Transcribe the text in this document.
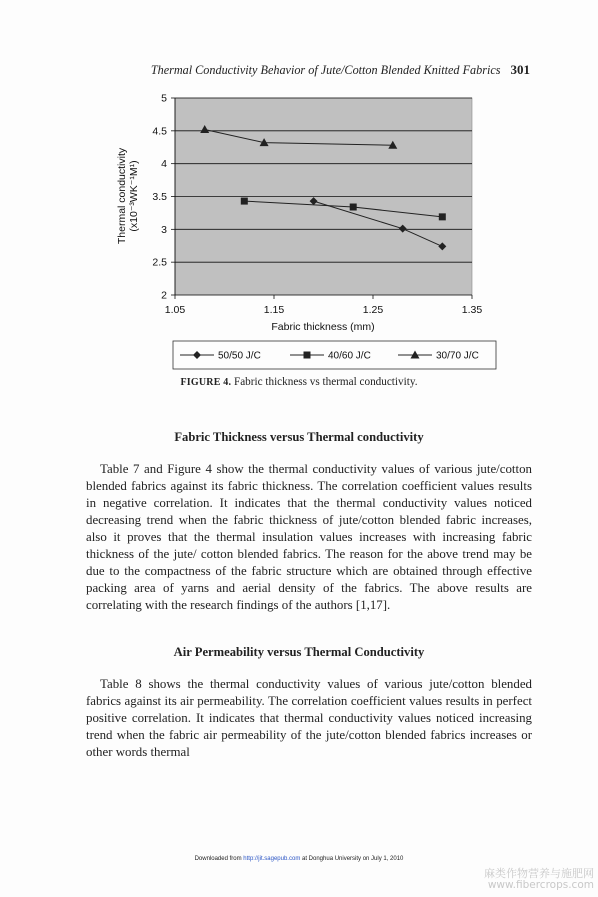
Thermal Conductivity Behavior of Jute/Cotton Blended Knitted Fabrics 301
2
2.5
3
3.5
4
4.5
5
1.05	1.15	1.25	1.35
Fabric thickness (mm)
Thermal conductivity (x10⁻³WK⁻¹M¹)
50/50 J/C	40/60 J/C	30/70 J/C
FIGURE 4. Fabric thickness vs thermal conductivity.
Fabric Thickness versus Thermal conductivity

Table 7 and Figure 4 show the thermal conductivity values of various jute/cotton blended fabrics against its fabric thickness. The correlation coefficient values results in negative correlation. It indicates that the thermal conductivity values noticed decreasing trend when the fabric thickness of jute/cotton blended fabric increases, also it proves that the thermal insulation values increases with increasing fabric thickness of the jute/ cotton blended fabrics. The reason for the above trend may be due to the compactness of the fabric structure which are obtained through effective packing area of yarns and aerial density of the fabrics. The above results are correlating with the research findings of the authors [1,17].

Air Permeability versus Thermal Conductivity

Table 8 shows the thermal conductivity values of various jute/cotton blended fabrics against its air permeability. The correlation coefficient values results in perfect positive correlation. It indicates that thermal conductivity values noticed increasing trend when the fabric air permeability of the jute/cotton blended fabrics increases or other words thermal

Downloaded from http://jit.sagepub.com at Donghua University on July 1, 2010
麻类作物营养与施肥网
www.fibercrops.com
